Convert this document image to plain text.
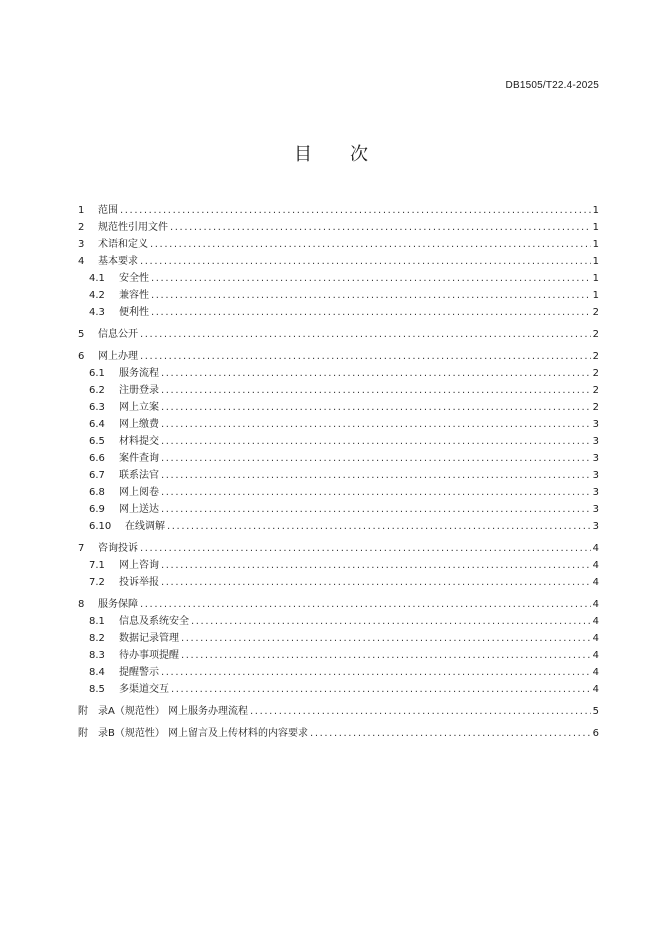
DB1505/T22.4-2025
目 次
1	范围 .....	1
2	规范性引用文件 .....	1
3	术语和定义 .....	1
4	基本要求 .....	1
4.1	安全性 .....	1
4.2	兼容性 .....	1
4.3	便利性 .....	2
5	信息公开 .....	2
6	网上办理 .....	2
6.1	服务流程 .....	2
6.2	注册登录 .....	2
6.3	网上立案 .....	2
6.4	网上缴费 .....	3
6.5	材料提交 .....	3
6.6	案件查询 .....	3
6.7	联系法官 .....	3
6.8	网上阅卷 .....	3
6.9	网上送达 .....	3
6.10	在线调解 .....	3
7	咨询投诉 .....	4
7.1	网上咨询 .....	4
7.2	投诉举报 .....	4
8	服务保障 .....	4
8.1	信息及系统安全 .....	4
8.2	数据记录管理 .....	4
8.3	待办事项提醒 .....	4
8.4	提醒警示 .....	4
8.5	多渠道交互 .....	4
附	录A（规范性） 网上服务办理流程 .....	5
附	录B（规范性） 网上留言及上传材料的内容要求 .....	6
